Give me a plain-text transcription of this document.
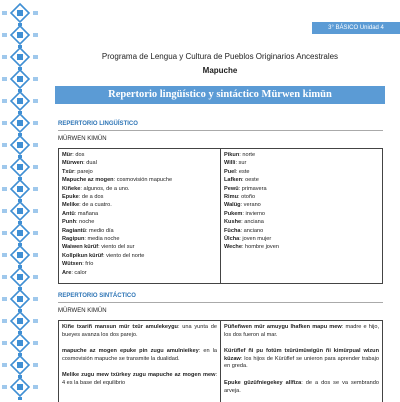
3° BÁSICO Unidad 4
Programa de Lengua y Cultura de Pueblos Originarios Ancestrales
Mapuche
Repertorio lingüístico y sintáctico Mürwen kimün
REPERTORIO LINGÜÍSTICO
MÜRWEN KIMÜN
Mür: dos
Mürwen: dual
Txür: parejo
Mapuche az mogen: cosmovisión mapuche
Kiñeke: algunos, de a uno.
Epuke: de a dos
Melike: de a cuatro.
Antü: mañana
Punh: noche
Ragiantü: medio día
Ragipun: media noche
Waiwen kürüf: viento del sur
Kollpikun kürüf: viento del norte
Wütxen: frío
Are: calor
Pikun: norte
Willi: sur
Puel: este
Lafken: oeste
Pewü: primavera
Rimu: otoño
Walüg: verano
Pukem: invierno
Kushe: anciana
Fücha: anciano
Ülcha: joven mujer
Weche: hombre joven
REPERTORIO SINTÁCTICO
MÜRWEN KIMÜN

Kiñe txariñ mansun mür txür amulekeygu: una yunta de bueyes avanza los dos parejo.

mapuche az mogen epuke pin zugu amulnieikey: en la cosmovisión mapuche se transmite la dualidad.

Melike zugu mew txürkey zugu mapuche az mogen mew: 4 es la base del equilibrio

Püñeñwen mür amuygu lhafken mapu mew: madre e hijo, los dos fueron al mar.

Kürüflef ñi pu fotüm txürümüwigün ñi kimürpual wizun küzaw: los hijos de Kürüflef se unieron para aprender trabajo en greda.

Epuke güzüfniegekey allfiza: de a dos se va sembrando arveja.
